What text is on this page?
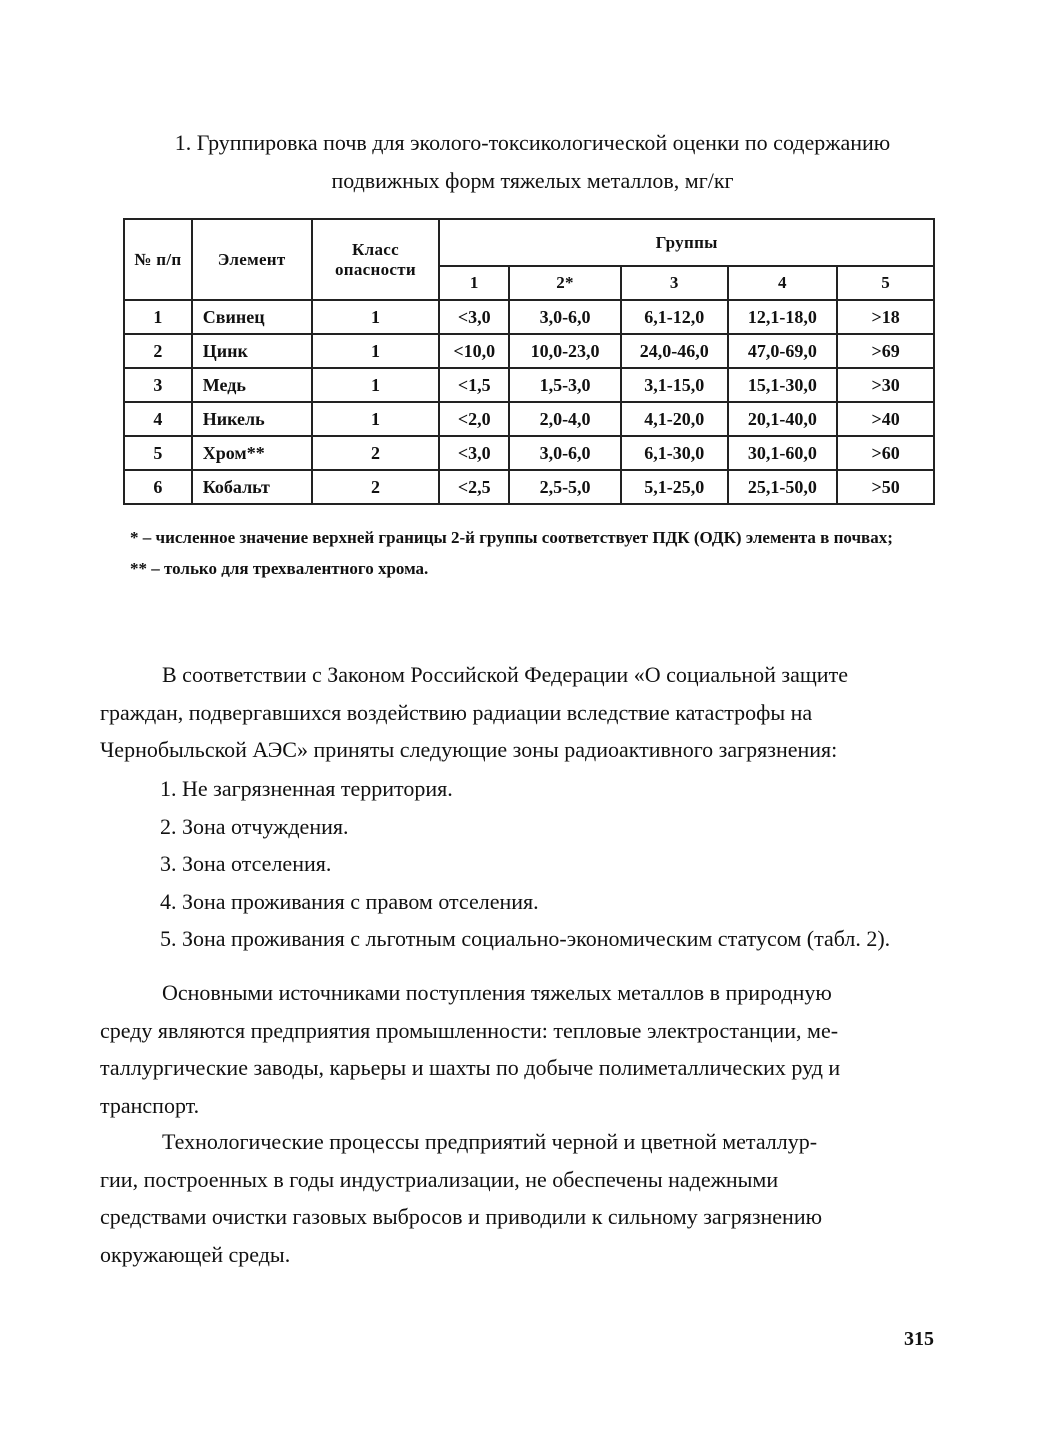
1. Группировка почв для эколого-токсикологической оценки по содержанию
подвижных форм тяжелых металлов, мг/кг
№ п/п	Элемент	Класс опасности	Группы				
			1	2*	3	4	5
1	Свинец	1	<3,0	3,0-6,0	6,1-12,0	12,1-18,0	>18
2	Цинк	1	<10,0	10,0-23,0	24,0-46,0	47,0-69,0	>69
3	Медь	1	<1,5	1,5-3,0	3,1-15,0	15,1-30,0	>30
4	Никель	1	<2,0	2,0-4,0	4,1-20,0	20,1-40,0	>40
5	Хром**	2	<3,0	3,0-6,0	6,1-30,0	30,1-60,0	>60
6	Кобальт	2	<2,5	2,5-5,0	5,1-25,0	25,1-50,0	>50

* – численное значение верхней границы 2-й группы соответствует ПДК (ОДК) элемента в почвах;

** – только для трехвалентного хрома.

В соответствии с Законом Российской Федерации «О социальной защите
граждан, подвергавшихся воздействию радиации вследствие катастрофы на
Чернобыльской АЭС» приняты следующие зоны радиоактивного загрязнения:
1. Не загрязненная территория.
2. Зона отчуждения.
3. Зона отселения.
4. Зона проживания с правом отселения.
5. Зона проживания с льготным социально-экономическим статусом (табл. 2).
Основными источниками поступления тяжелых металлов в природную
среду являются предприятия промышленности: тепловые электростанции, ме-
таллургические заводы, карьеры и шахты по добыче полиметаллических руд и
транспорт.
Технологические процессы предприятий черной и цветной металлур-
гии, построенных в годы индустриализации, не обеспечены надежными
средствами очистки газовых выбросов и приводили к сильному загрязнению
окружающей среды.
315
